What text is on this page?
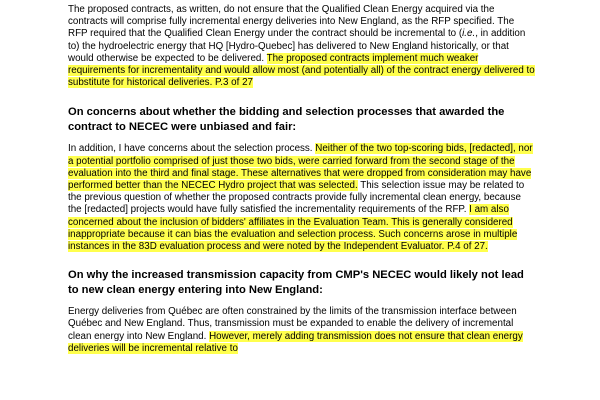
The proposed contracts, as written, do not ensure that the Qualified Clean Energy acquired via the contracts will comprise fully incremental energy deliveries into New England, as the RFP specified. The RFP required that the Qualified Clean Energy under the contract should be incremental to (i.e., in addition to) the hydroelectric energy that HQ [Hydro-Quebec] has delivered to New England historically, or that would otherwise be expected to be delivered. The proposed contracts implement much weaker requirements for incrementality and would allow most (and potentially all) of the contract energy delivered to substitute for historical deliveries. P.3 of 27

On concerns about whether the bidding and selection processes that awarded the contract to NECEC were unbiased and fair:

In addition, I have concerns about the selection process. Neither of the two top-scoring bids, [redacted], nor a potential portfolio comprised of just those two bids, were carried forward from the second stage of the evaluation into the third and final stage. These alternatives that were dropped from consideration may have performed better than the NECEC Hydro project that was selected. This selection issue may be related to the previous question of whether the proposed contracts provide fully incremental clean energy, because the [redacted] projects would have fully satisfied the incrementality requirements of the RFP. I am also concerned about the inclusion of bidders' affiliates in the Evaluation Team. This is generally considered inappropriate because it can bias the evaluation and selection process. Such concerns arose in multiple instances in the 83D evaluation process and were noted by the Independent Evaluator. P.4 of 27.

On why the increased transmission capacity from CMP's NECEC would likely not lead to new clean energy entering into New England:

Energy deliveries from Québec are often constrained by the limits of the transmission interface between Québec and New England. Thus, transmission must be expanded to enable the delivery of incremental clean energy into New England. However, merely adding transmission does not ensure that clean energy deliveries will be incremental relative to
